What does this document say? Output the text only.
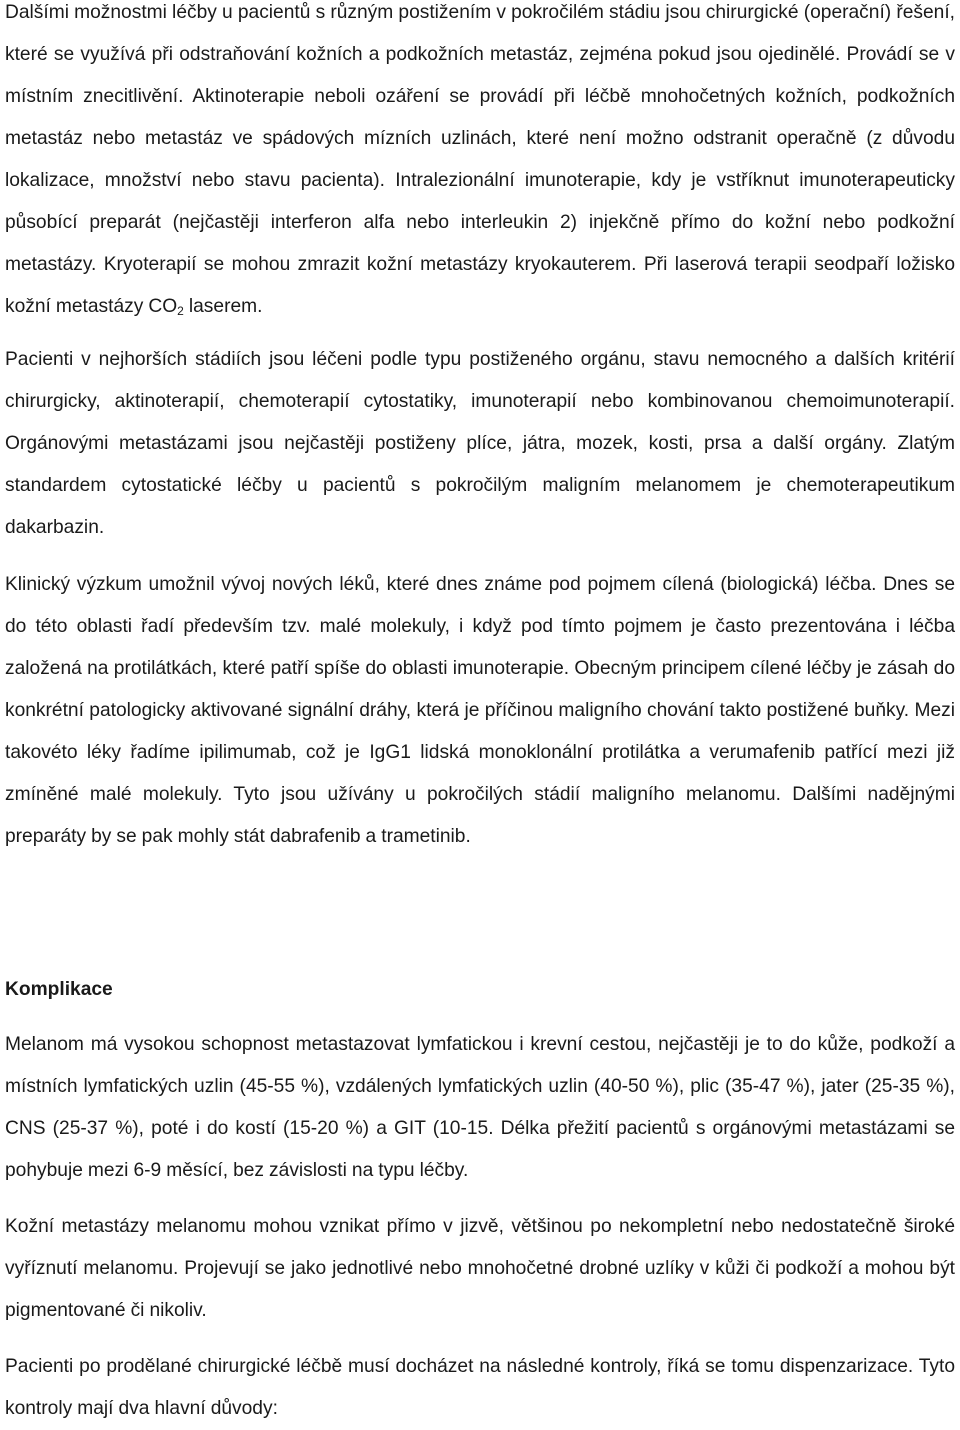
Dalšími možnostmi léčby u pacientů s různým postižením v pokročilém stádiu jsou chirurgické (operační) řešení, které se využívá při odstraňování kožních a podkožních metastáz, zejména pokud jsou ojedinělé. Provádí se v místním znecitlivění. Aktinoterapie neboli ozáření se provádí při léčbě mnohočetných kožních, podkožních metastáz nebo metastáz ve spádových mízních uzlinách, které není možno odstranit operačně (z důvodu lokalizace, množství nebo stavu pacienta). Intralezionální imunoterapie, kdy je vstříknut imunoterapeuticky působící preparát (nejčastěji interferon alfa nebo interleukin 2) injekčně přímo do kožní nebo podkožní metastázy. Kryoterapií se mohou zmrazit kožní metastázy kryokauterem. Při laserová terapii seodpaří ložisko kožní metastázy $CO_2$ laserem.

Pacienti v nejhorších stádiích jsou léčeni podle typu postiženého orgánu, stavu nemocného a dalších kritérií chirurgicky, aktinoterapií, chemoterapií cytostatiky, imunoterapií nebo kombinovanou chemoimunoterapií. Orgánovými metastázami jsou nejčastěji postiženy plíce, játra, mozek, kosti, prsa a další orgány. Zlatým standardem cytostatické léčby u pacientů s pokročilým maligním melanomem je chemoterapeutikum dakarbazin.

Klinický výzkum umožnil vývoj nových léků, které dnes známe pod pojmem cílená (biologická) léčba. Dnes se do této oblasti řadí především tzv. malé molekuly, i když pod tímto pojmem je často prezentována i léčba založená na protilátkách, které patří spíše do oblasti imunoterapie. Obecným principem cílené léčby je zásah do konkrétní patologicky aktivované signální dráhy, která je příčinou maligního chování takto postižené buňky. Mezi takovéto léky řadíme ipilimumab, což je IgG1 lidská monoklonální protilátka a verumafenib patřící mezi již zmíněné malé molekuly. Tyto jsou užívány u pokročilých stádií maligního melanomu. Dalšími nadějnými preparáty by se pak mohly stát dabrafenib a trametinib.

Komplikace

Melanom má vysokou schopnost metastazovat lymfatickou i krevní cestou, nejčastěji je to do kůže, podkoží a místních lymfatických uzlin (45-55 %), vzdálených lymfatických uzlin (40-50 %), plic (35-47 %), jater (25-35 %), CNS (25-37 %), poté i do kostí (15-20 %) a GIT (10-15. Délka přežití pacientů s orgánovými metastázami se pohybuje mezi 6-9 měsící, bez závislosti na typu léčby.

Kožní metastázy melanomu mohou vznikat přímo v jizvě, většinou po nekompletní nebo nedostatečně široké vyříznutí melanomu. Projevují se jako jednotlivé nebo mnohočetné drobné uzlíky v kůži či podkoží a mohou být pigmentované či nikoliv.

Pacienti po prodělané chirurgické léčbě musí docházet na následné kontroly, říká se tomu dispenzarizace. Tyto kontroly mají dva hlavní důvody:
